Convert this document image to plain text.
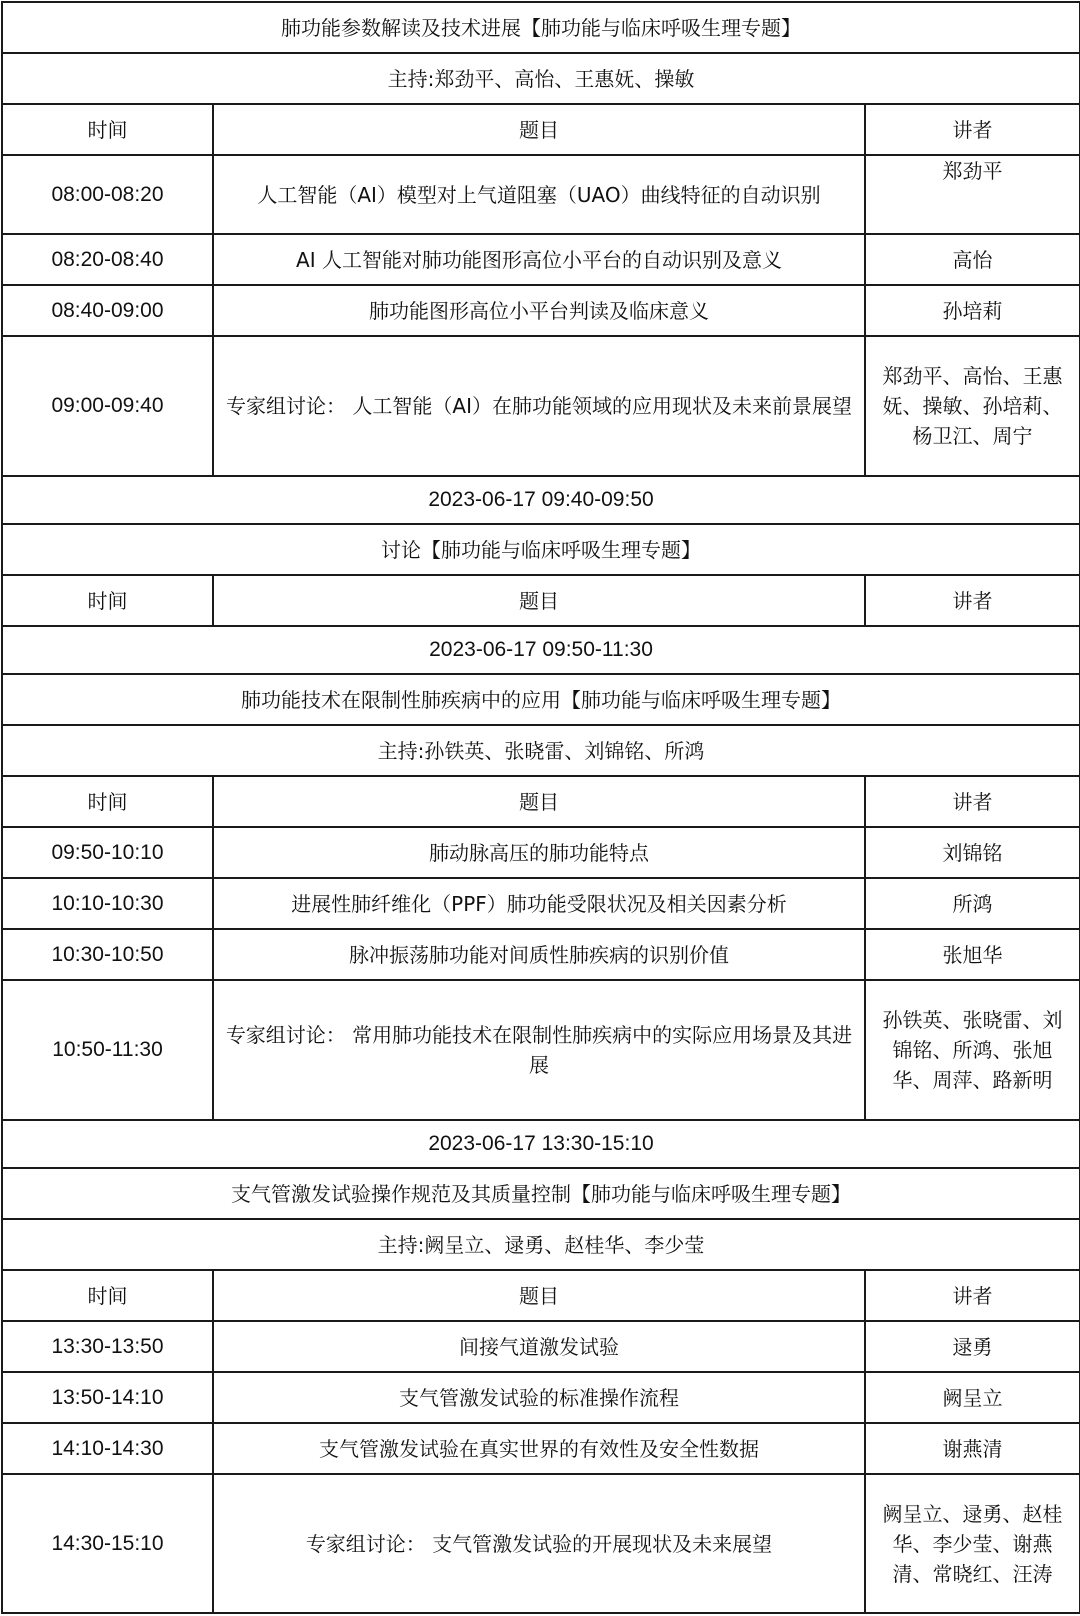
肺功能参数解读及技术进展【肺功能与临床呼吸生理专题】		
主持:郑劲平、高怡、王惠妩、操敏		
时间	题目	讲者
08:00-08:20	人工智能（AI）模型对上气道阻塞（UAO）曲线特征的自动识别	郑劲平
08:20-08:40	AI 人工智能对肺功能图形高位小平台的自动识别及意义	高怡
08:40-09:00	肺功能图形高位小平台判读及临床意义	孙培莉
09:00-09:40	专家组讨论： 人工智能（AI）在肺功能领域的应用现状及未来前景展望	郑劲平、高怡、王惠妩、操敏、孙培莉、杨卫江、周宁
2023-06-17 09:40-09:50		
讨论【肺功能与临床呼吸生理专题】		
时间	题目	讲者
2023-06-17 09:50-11:30		
肺功能技术在限制性肺疾病中的应用【肺功能与临床呼吸生理专题】		
主持:孙铁英、张晓雷、刘锦铭、所鸿		
时间	题目	讲者
09:50-10:10	肺动脉高压的肺功能特点	刘锦铭
10:10-10:30	进展性肺纤维化（PPF）肺功能受限状况及相关因素分析	所鸿
10:30-10:50	脉冲振荡肺功能对间质性肺疾病的识别价值	张旭华
10:50-11:30	专家组讨论： 常用肺功能技术在限制性肺疾病中的实际应用场景及其进展	孙铁英、张晓雷、刘锦铭、所鸿、张旭华、周萍、路新明
2023-06-17 13:30-15:10		
支气管激发试验操作规范及其质量控制【肺功能与临床呼吸生理专题】		
主持:阙呈立、逯勇、赵桂华、李少莹		
时间	题目	讲者
13:30-13:50	间接气道激发试验	逯勇
13:50-14:10	支气管激发试验的标准操作流程	阙呈立
14:10-14:30	支气管激发试验在真实世界的有效性及安全性数据	谢燕清
14:30-15:10	专家组讨论： 支气管激发试验的开展现状及未来展望	阙呈立、逯勇、赵桂华、李少莹、谢燕清、常晓红、汪涛
